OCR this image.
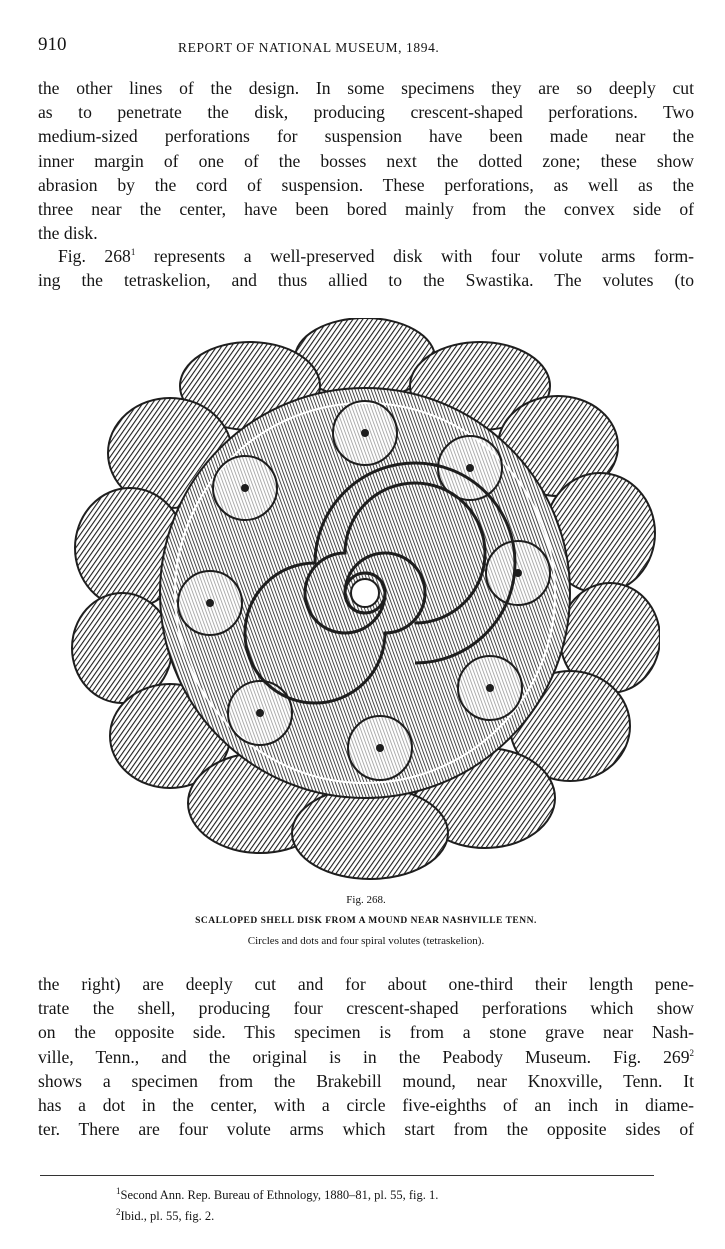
910	REPORT OF NATIONAL MUSEUM, 1894.
the other lines of the design. In some specimens they are so deeply cut
as to penetrate the disk, producing crescent-shaped perforations. Two
medium-sized perforations for suspension have been made near the
inner margin of one of the bosses next the dotted zone; these show
abrasion by the cord of suspension. These perforations, as well as the
three near the center, have been bored mainly from the convex side of
the disk.
Fig. $268^1$ represents a well-preserved disk with four volute arms form-
ing the tetraskelion, and thus allied to the Swastika. The volutes (to
Fig. 268.
SCALLOPED SHELL DISK FROM A MOUND NEAR NASHVILLE TENN.
Circles and dots and four spiral volutes (tetraskelion).
the right) are deeply cut and for about one-third their length pene-
trate the shell, producing four crescent-shaped perforations which show
on the opposite side. This specimen is from a stone grave near Nash-
ville, Tenn., and the original is in the Peabody Museum. Fig. $269^2$
shows a specimen from the Brakebill mound, near Knoxville, Tenn. It
has a dot in the center, with a circle five-eighths of an inch in diame-
ter. There are four volute arms which start from the opposite sides of
$^1$Second Ann. Rep. Bureau of Ethnology, 1880–81, pl. 55, fig. 1.
$^2$Ibid., pl. 55, fig. 2.
